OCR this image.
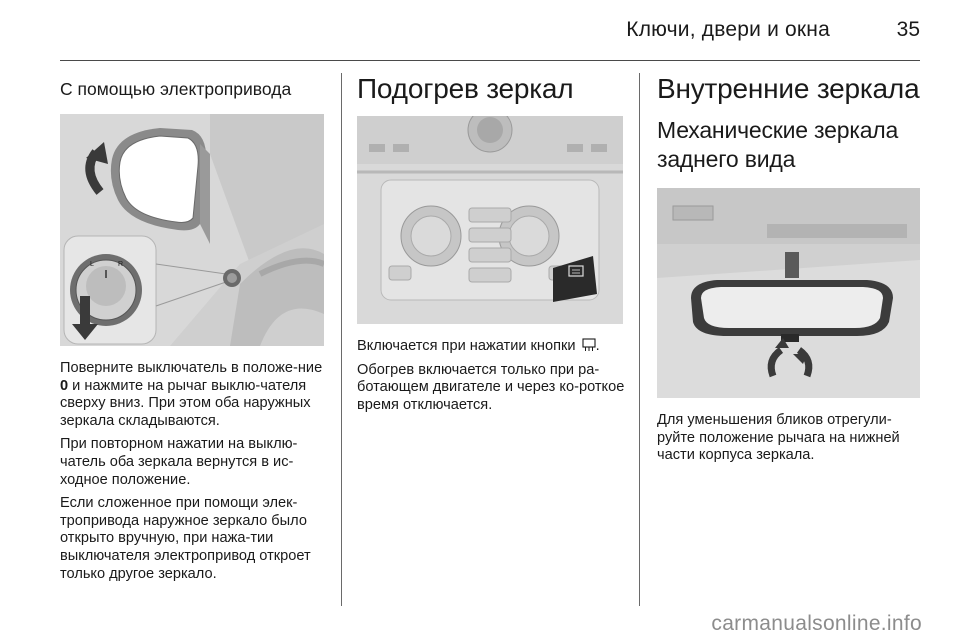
Ключи, двери и окна	35
С помощью электропривода
L	R

Поверните выключатель в положе-ние 0 и нажмите на рычаг выклю-чателя сверху вниз. При этом оба наружных зеркала складываются.

При повторном нажатии на выклю-чатель оба зеркала вернутся в ис-ходное положение.

Если сложенное при помощи элек-тропривода наружное зеркало было открыто вручную, при нажа-тии выключателя электропривод откроет только другое зеркало.

Подогрев зеркал

Включается при нажатии кнопки .

Обогрев включается только при ра-ботающем двигателе и через ко-роткое время отключается.

Внутренние зеркала
Механические зеркала заднего вида

Для уменьшения бликов отрегули-руйте положение рычага на нижней части корпуса зеркала.

carmanualsonline.info
